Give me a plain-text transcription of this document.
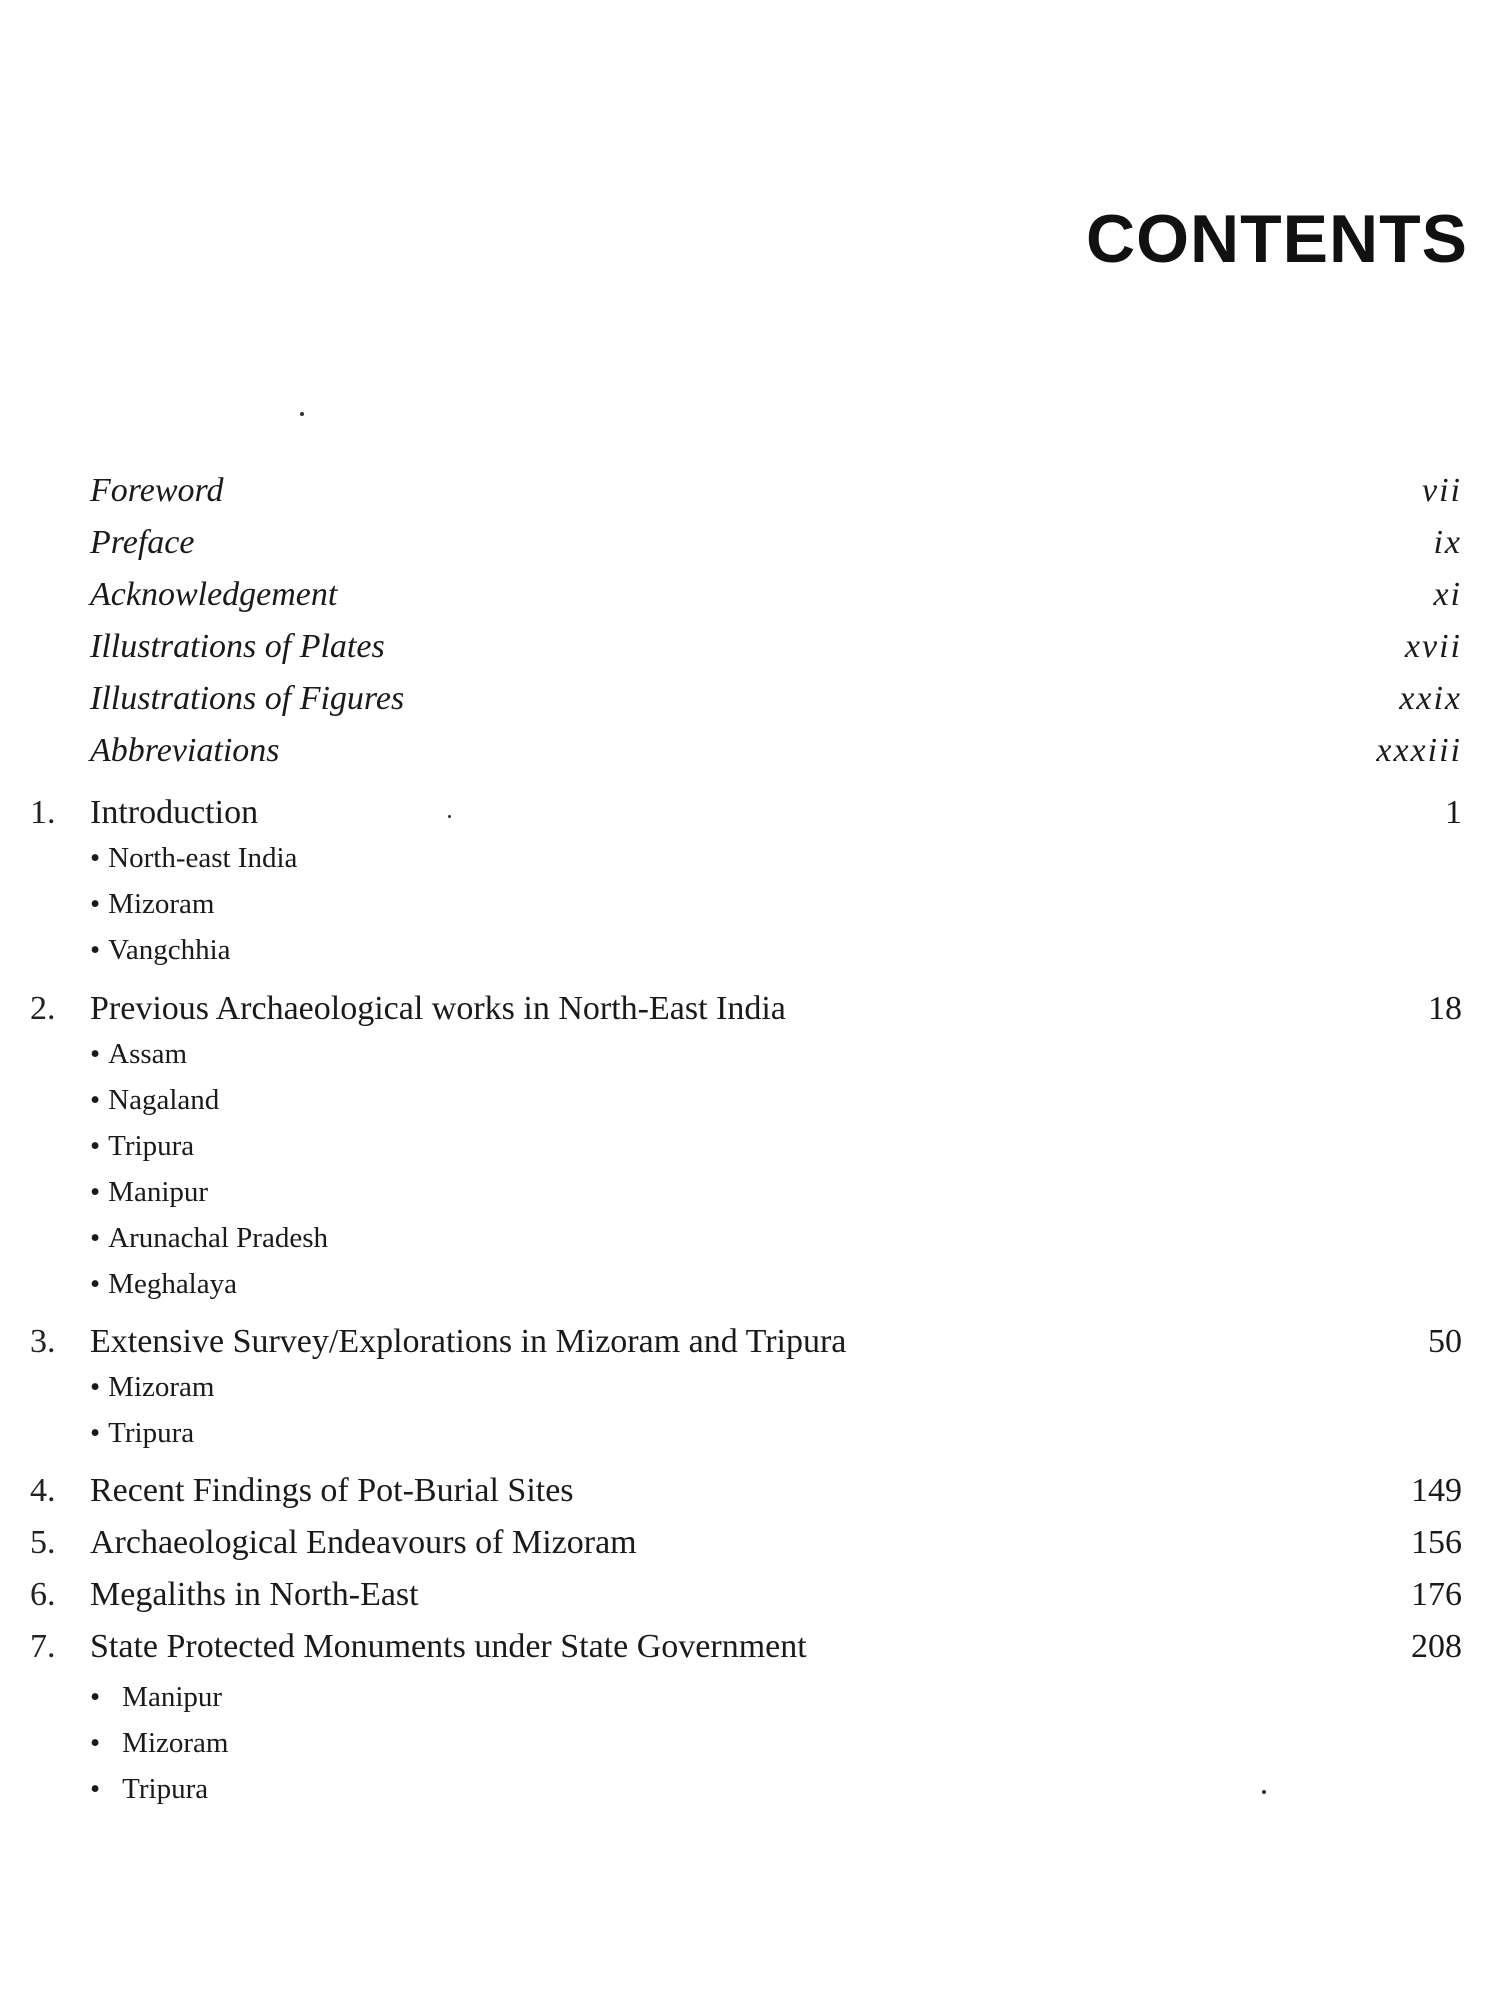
CONTENTS
Foreword	vii
Preface	ix
Acknowledgement	xi
Illustrations of Plates	xvii
Illustrations of Figures	xxix
Abbreviations	xxxiii
1. Introduction	1
• North-east India
• Mizoram
• Vangchhia
2. Previous Archaeological works in North-East India	18
• Assam
• Nagaland
• Tripura
• Manipur
• Arunachal Pradesh
• Meghalaya
3. Extensive Survey/Explorations in Mizoram and Tripura	50
• Mizoram
• Tripura
4. Recent Findings of Pot-Burial Sites	149
5. Archaeological Endeavours of Mizoram	156
6. Megaliths in North-East	176
7. State Protected Monuments under State Government	208
• Manipur
• Mizoram
• Tripura
